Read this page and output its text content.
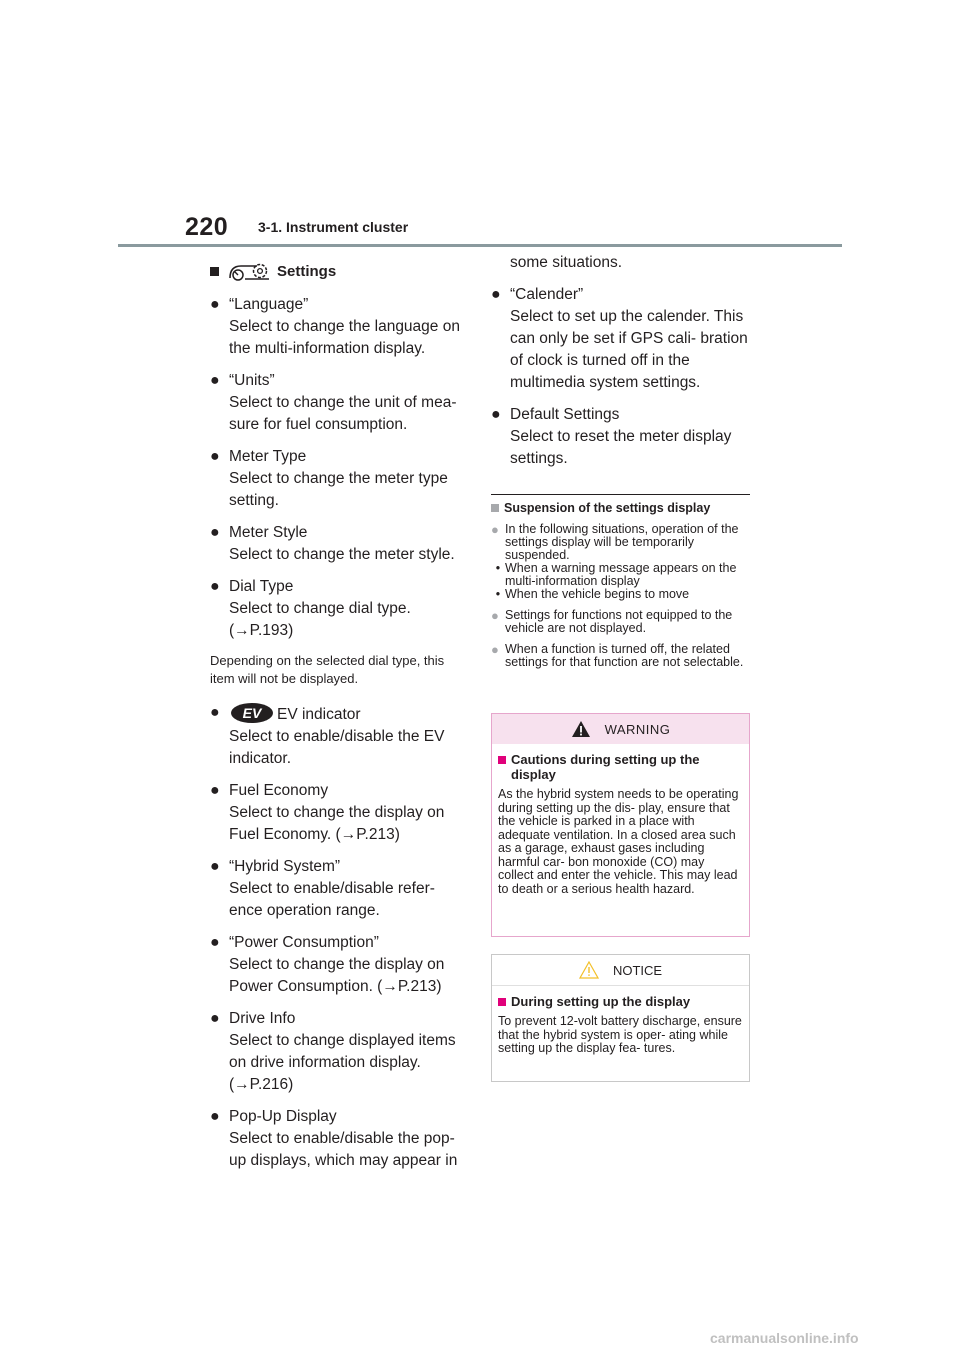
220 3-1. Instrument cluster
Settings
● “Language”
Select to change the language on the multi-information display.
● “Units”
Select to change the unit of mea- sure for fuel consumption.
● Meter Type
Select to change the meter type setting.
● Meter Style
Select to change the meter style.
● Dial Type
Select to change dial type. (→P.193)
Depending on the selected dial type, this item will not be displayed.
●	EV EV indicator
Select to enable/disable the EV indicator.
● Fuel Economy
Select to change the display on Fuel Economy. (→P.213)
● “Hybrid System”
Select to enable/disable refer- ence operation range.
● “Power Consumption”
Select to change the display on Power Consumption. (→P.213)
● Drive Info
Select to change displayed items on drive information display. (→P.216)
● Pop-Up Display
Select to enable/disable the pop- up displays, which may appear in
some situations.
● “Calender”
Select to set up the calender. This can only be set if GPS cali- bration of clock is turned off in the multimedia system settings.
● Default Settings
Select to reset the meter display settings.
Suspension of the settings display
● In the following situations, operation of the settings display will be temporarily suspended.
• When a warning message appears on the multi-information display
• When the vehicle begins to move
● Settings for functions not equipped to the vehicle are not displayed.
● When a function is turned off, the related settings for that function are not selectable.
WARNING
Cautions during setting up the display
As the hybrid system needs to be operating during setting up the dis- play, ensure that the vehicle is parked in a place with adequate ventilation. In a closed area such as a garage, exhaust gases including harmful car- bon monoxide (CO) may collect and enter the vehicle. This may lead to death or a serious health hazard.
NOTICE
During setting up the display
To prevent 12-volt battery discharge, ensure that the hybrid system is oper- ating while setting up the display fea- tures.
carmanualsonline.info
